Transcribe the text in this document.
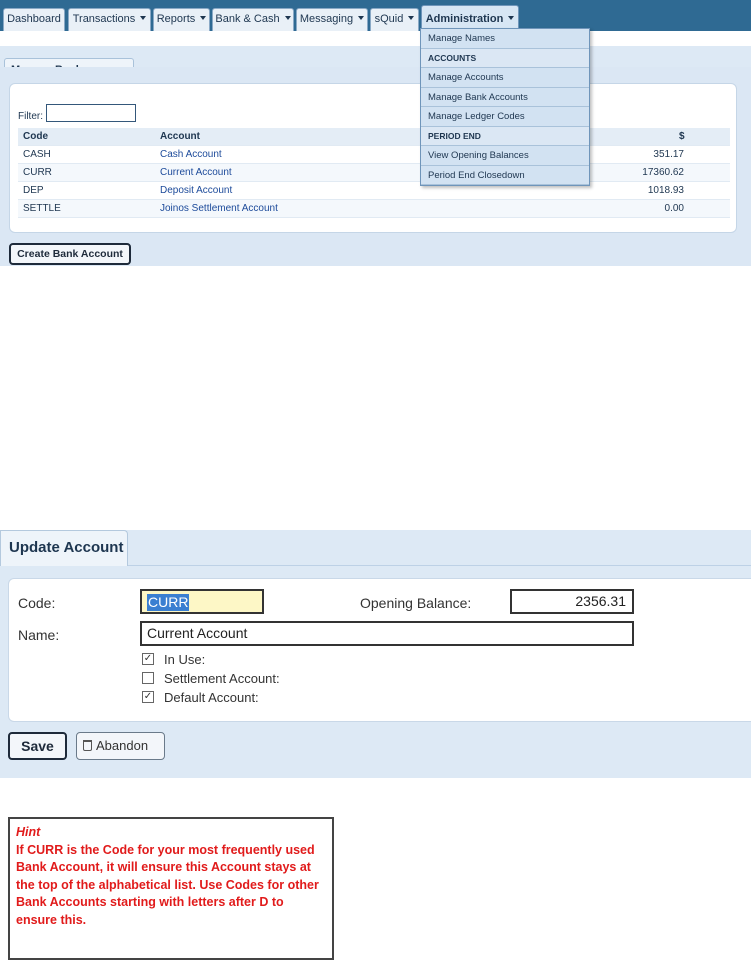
Dashboard	Transactions	Reports	Bank & Cash	Messaging	sQuid	Administration
Filter:
Code	Account	$
CASH	Cash Account	351.17
CURR	Current Account	17360.62
DEP	Deposit Account	1018.93
SETTLE	Joinos Settlement Account	0.00
Create Bank Account
Manage Names
ACCOUNTS
Manage Accounts
Manage Bank Accounts
Manage Ledger Codes
PERIOD END
View Opening Balances
Period End Closedown
Update Account
Code:	CURR	Opening Balance:	2356.31
Name:	Current Account
✓ In Use:
Settlement Account:
✓ Default Account:
Save	Abandon
Hint
If CURR is the Code for your most frequently used Bank Account, it will ensure this Account stays at the top of the alphabetical list. Use Codes for other Bank Accounts starting with letters after D to ensure this.
